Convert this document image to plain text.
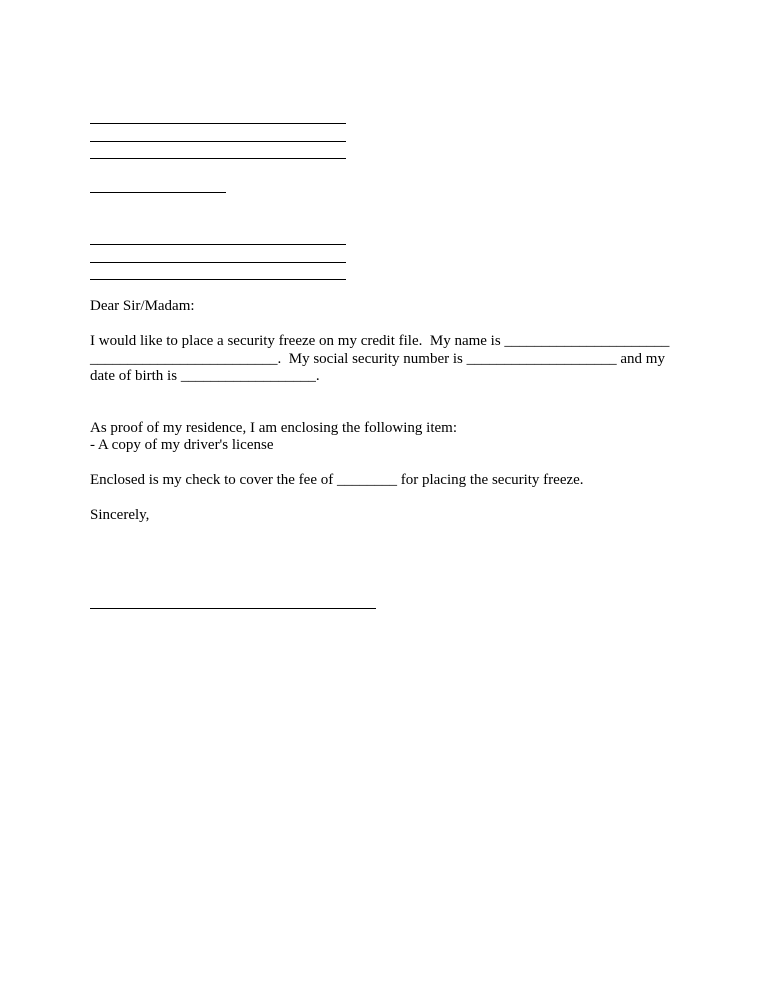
Dear Sir/Madam:

I would like to place a security freeze on my credit file.  My name is ______________________

_________________________.  My social security number is ____________________ and my

date of birth is __________________.

As proof of my residence, I am enclosing the following item:

- A copy of my driver's license

Enclosed is my check to cover the fee of ________ for placing the security freeze.

Sincerely,
